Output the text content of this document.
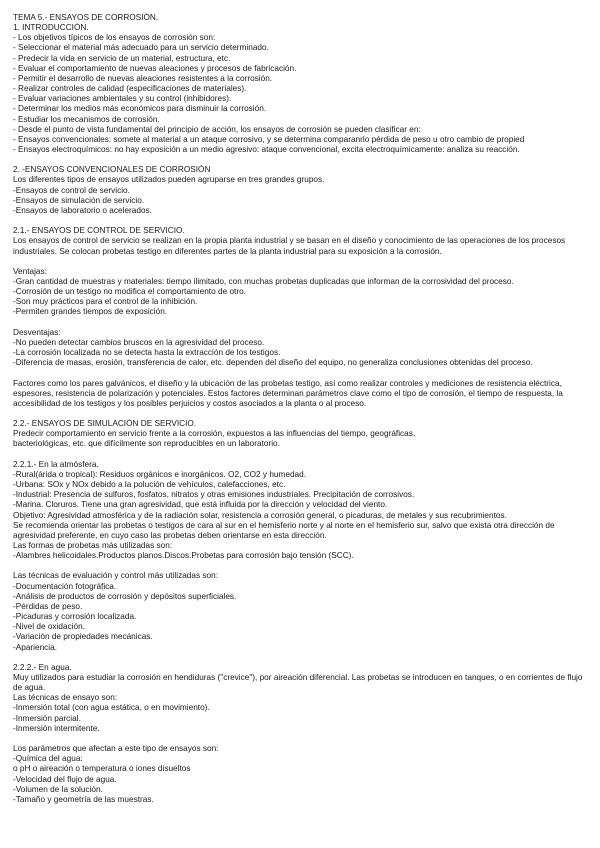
TEMA 5.- ENSAYOS DE CORROSIÓN.
1. INTRODUCCIÓN.
- Los objetivos típicos de los ensayos de corrosión son:
- Seleccionar el material más adecuado para un servicio determinado.
- Predecir la vida en servicio de un material, estructura, etc.
- Evaluar el comportamiento de nuevas aleaciones y procesos de fabricación.
- Permitir el desarrollo de nuevas aleaciones resistentes a la corrosión.
- Realizar controles de calidad (especificaciones de materiales).
- Evaluar variaciones ambientales y su control (inhibidores).
- Determinar los medios más económicos para disminuir la corrosión.
- Estudiar los mecanismos de corrosión.
- Desde el punto de vista fundamental del principio de acción, los ensayos de corrosión se pueden clasificar en:
- Ensayos convencionales: somete al material a un ataque corrosivo, y se determina comparanrlo pérdida de peso u otro cambio de propied
- Ensayos electroquímicos: no hay exposición a un medio agresivo: ataque convencional, excita electroquímicamente: analiza su reacción.
2. -ENSAYOS CONVENCIONALES DE CORROSIÓN
Los diferentes tipos de ensayos utilizados pueden agruparse en tres grandes grupos.
-Ensayos de control de servicio.
-Ensayos de simulación de servicio.
-Ensayos de laboratorio o acelerados.
2.1.- ENSAYOS DE CONTROL DE SERVICIO.
Los ensayos de control de servicio se realizan en la propia planta industrial y se basan en el diseño y conocimiento de las operaciones de los procesos industriales. Se colocan probetas testigo en diferentes partes de la planta industrial para su exposición a la corrosión.
Ventajas:
-Gran cantidad de muestras y materiales: tiempo ilimitado, con muchas probetas duplicadas que informan de la corrosividad del proceso.
-Corrosión de un testigo no modifica el comportamiento de otro.
-Son muy prácticos para el control de la inhibición.
-Permiten grandes tiempos de exposición.
Desventajas:
-No pueden detectar cambios bruscos en la agresividad del proceso.
-La corrosión localizada no se detecta hasta la extracción de los testigos.
-Diferencia de masas, erosión, transferencia de calor, etc. dependen del diseño del equipo, no generaliza conclusiones obtenidas del proceso.
Factores como los pares galvánicos, el diseño y la ubicación de las probetas testigo, así como realizar controles y mediciones de resistencia eléctrica, espesores, resistencia de polarización y potenciales. Estos factores determinan parámetros clave como el tipo de corrosión, el tiempo de respuesta, la accesibilidad de los testigos y los posibles perjuicios y costos asociados a la planta o al proceso.
2.2.- ENSAYOS DE SIMULACIÓN DE SERVICIO.
Predecir comportamiento en servicio frente a la corrosión, expuestos a las influencias del tiempo, geográficas,
bacteriológicas, etc. que difícilmente son reproducibles en un laboratorio.
2.2.1.- En la atmósfera.
-Rural(árida o tropical): Residuos orgánicos e inorgánicos. O2, CO2 y humedad.
-Urbana: SOx y NOx debido a la polución de vehículos, calefacciones, etc.
-Industrial: Presencia de sulfuros, fosfatos, nitratos y otras emisiones industriales. Precipitación de corrosivos.
-Marina. Cloruros. Tiene una gran agresividad, que está influida por la dirección y velocidad del viento.
Objetivo: Agresividad atmosférica y de la radiación solar, resistencia a corrosión general, o picaduras, de metales y sus recubrimientos.
Se recomienda orientar las probetas o testigos de cara al sur en el hemisferio norte y al norte en el hemisferio sur, salvo que exista otra dirección de agresividad preferente, en cuyo caso las probetas deben orientarse en esta dirección.
Las formas de probetas más utilizadas son:
-Alambres helicoidales.Productos planos.Discos.Probetas para corrosión bajo tensión (SCC).
Las técnicas de evaluación y control más utilizadas son:
-Documentación fotográfica.
-Análisis de productos de corrosión y depósitos superficiales.
-Pérdidas de peso.
-Picaduras y corrosión localizada.
-Nivel de oxidación.
-Variación de propiedades mecánicas.
-Apariencia.
2.2.2.- En agua.
Muy utilizados para estudiar la corrosión en hendiduras ("crevice"), por aireación diferencial. Las probetas se introducen en tanques, o en corrientes de flujo de agua.
Las técnicas de ensayo son:
-Inmersión total (con agua estática, o en movimiento).
-Inmersión parcial.
-Inmersión intermitente.
Los parámetros que afectan a este tipo de ensayos son:
-Química del agua:
o pH o aireación o temperatura o iones disueltos
-Velocidad del flujo de agua.
-Volumen de la solución.
-Tamaño y geometría de las muestras.
